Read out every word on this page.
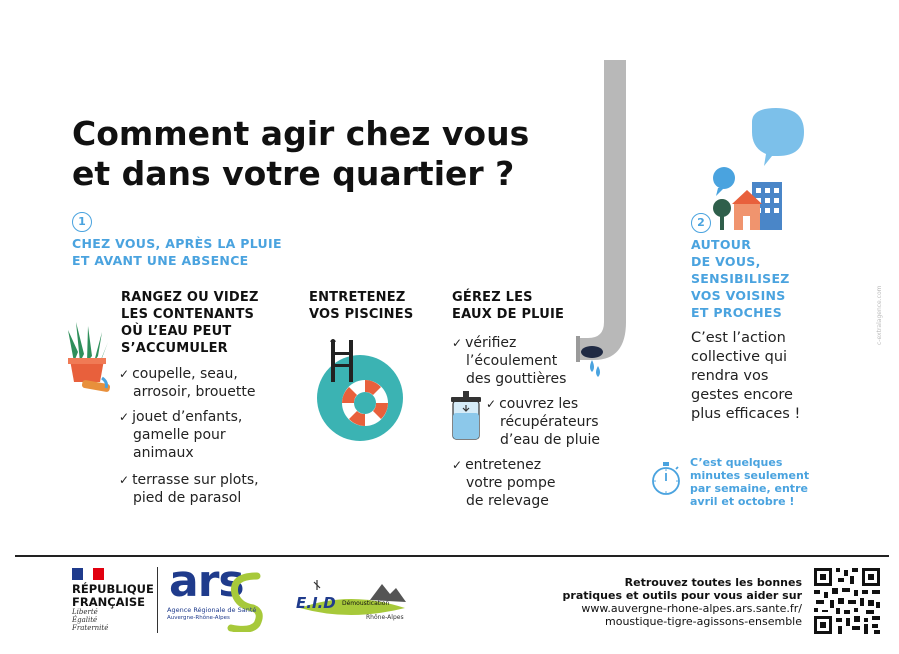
Comment agir chez vous
et dans votre quartier ?
1
CHEZ VOUS, APRÈS LA PLUIE
ET AVANT UNE ABSENCE
RANGEZ OU VIDEZ
LES CONTENANTS
OÙ L’EAU PEUT
S’ACCUMULER
✓ coupelle, seau,
arrosoir, brouette
✓ jouet d’enfants,
gamelle pour
animaux
✓ terrasse sur plots,
pied de parasol
ENTRETENEZ
VOS PISCINES
GÉREZ LES
EAUX DE PLUIE
✓ vérifiez
l’écoulement
des gouttières
✓ couvrez les
récupérateurs
d’eau de pluie
✓ entretenez
votre pompe
de relevage
2
AUTOUR
DE VOUS,
SENSIBILISEZ
VOS VOISINS
ET PROCHES
C’est l’action
collective qui
rendra vos
gestes encore
plus efficaces !
C’est quelques
minutes seulement
par semaine, entre
avril et octobre !
c-extralagence.com
RÉPUBLIQUE
FRANÇAISE
Liberté
Égalité
Fraternité
ars
Agence Régionale de Santé
Auvergne-Rhône-Alpes
E.I.D Démoustication
Rhône-Alpes
Retrouvez toutes les bonnes
pratiques et outils pour vous aider sur
www.auvergne-rhone-alpes.ars.sante.fr/
moustique-tigre-agissons-ensemble
